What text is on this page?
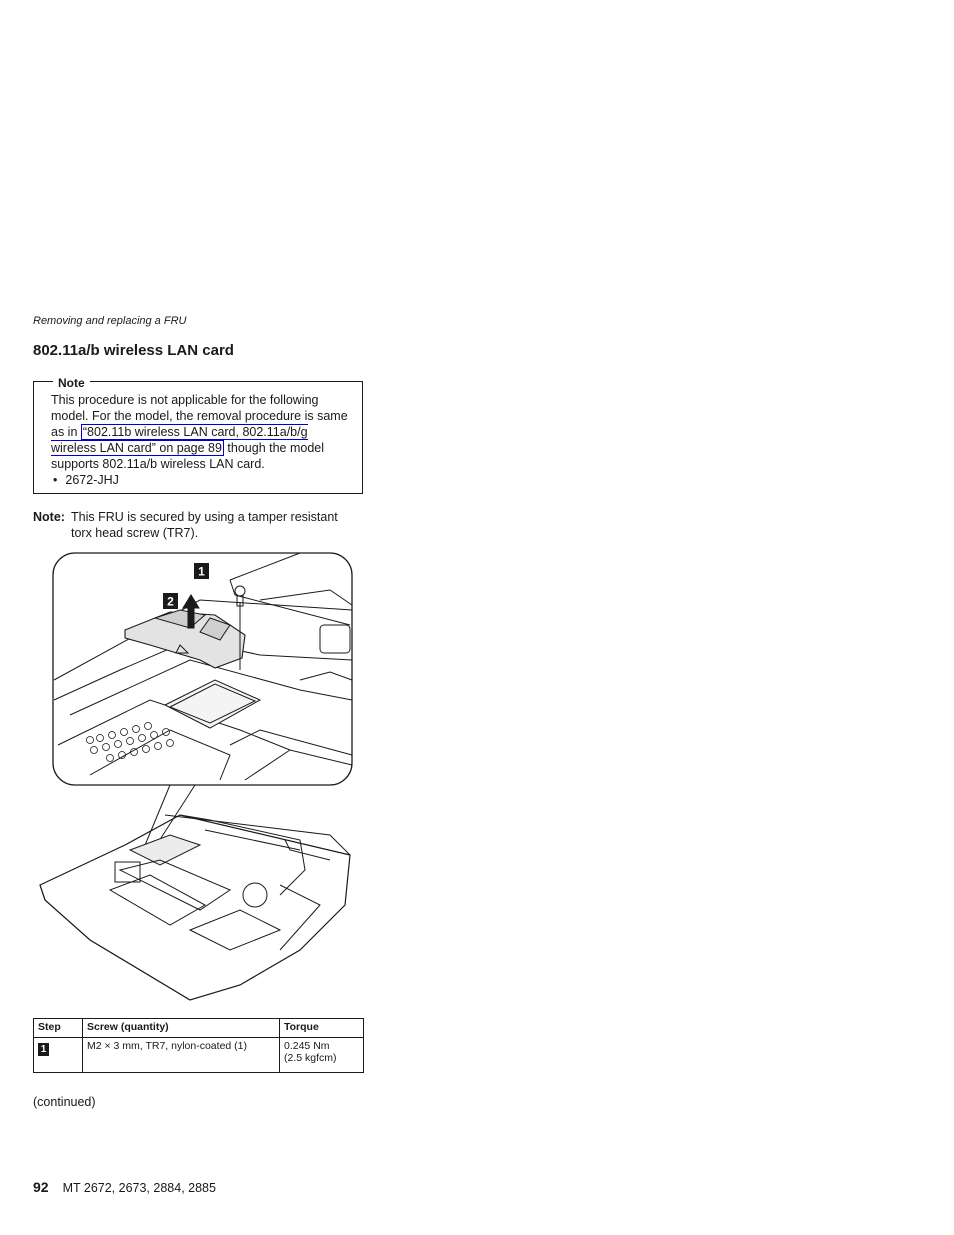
Removing and replacing a FRU
802.11a/b wireless LAN card
Note
This procedure is not applicable for the following model. For the model, the removal procedure is same as in “802.11b wireless LAN card, 802.11a/b/g wireless LAN card” on page 89 though the model supports 802.11a/b wireless LAN card.
• 2672-JHJ
Note: This FRU is secured by using a tamper resistant torx head screw (TR7).
1
2
Step	Screw (quantity)	Torque
1	M2 × 3 mm, TR7, nylon-coated (1)	0.245 Nm
(2.5 kgfcm)
(continued)
92 MT 2672, 2673, 2884, 2885
